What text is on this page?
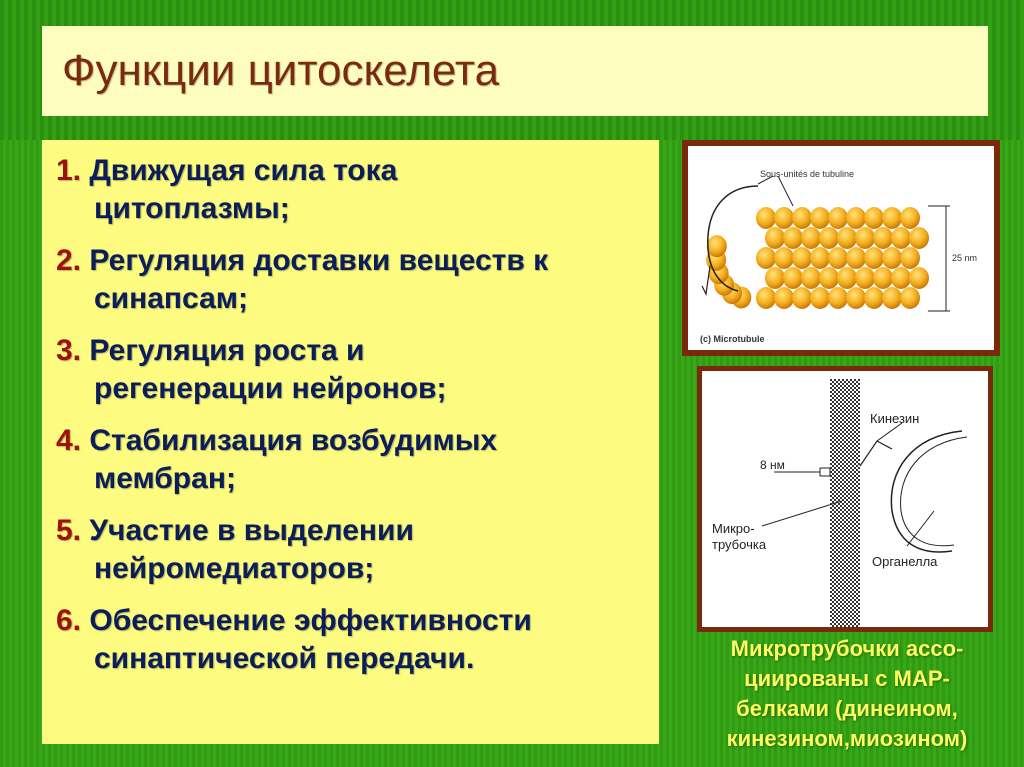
Функции цитоскелета
1. Движущая сила тока
цитоплазмы;
2. Регуляция доставки веществ к
синапсам;
3. Регуляция роста и
регенерации нейронов;
4. Стабилизация возбудимых
мембран;
5. Участие в выделении
нейромедиаторов;
6. Обеспечение эффективности
синаптической передачи.
Sous-unités de tubuline
25 nm
(c) Microtubule
Кинезин
8 нм
Микро-
трубочка
Органелла
Микротрубочки ассо-
циированы с МАР-
белками (динеином,
кинезином,миозином)
